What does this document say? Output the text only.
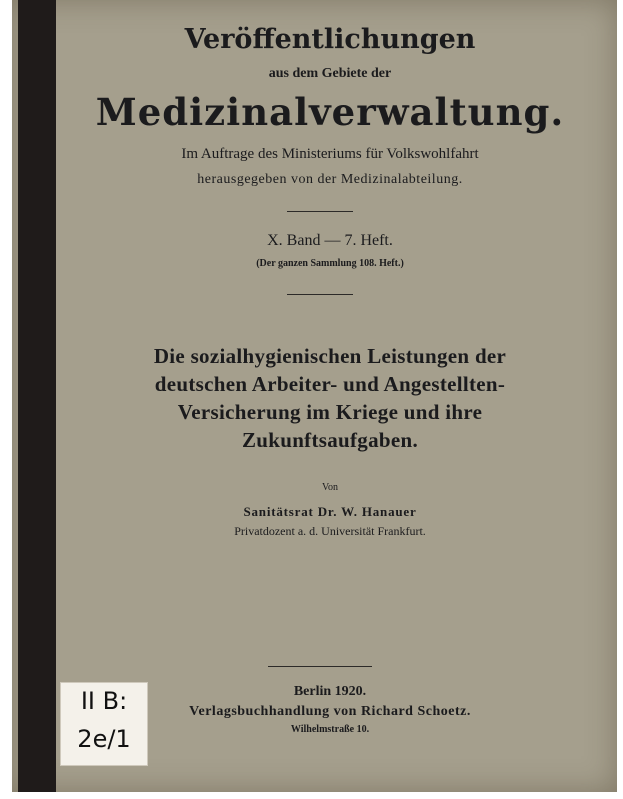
Veröffentlichungen
aus dem Gebiete der
Medizinalverwaltung.
Im Auftrage des Ministeriums für Volkswohlfahrt
herausgegeben von der Medizinalabteilung.
X. Band — 7. Heft.
(Der ganzen Sammlung 108. Heft.)
Die sozialhygienischen Leistungen der
deutschen Arbeiter- und Angestellten-
Versicherung im Kriege und ihre
Zukunftsaufgaben.
Von
Sanitätsrat Dr. W. Hanauer
Privatdozent a. d. Universität Frankfurt.
Berlin 1920.
Verlagsbuchhandlung von Richard Schoetz.
Wilhelmstraße 10.
II B:
2e/1
